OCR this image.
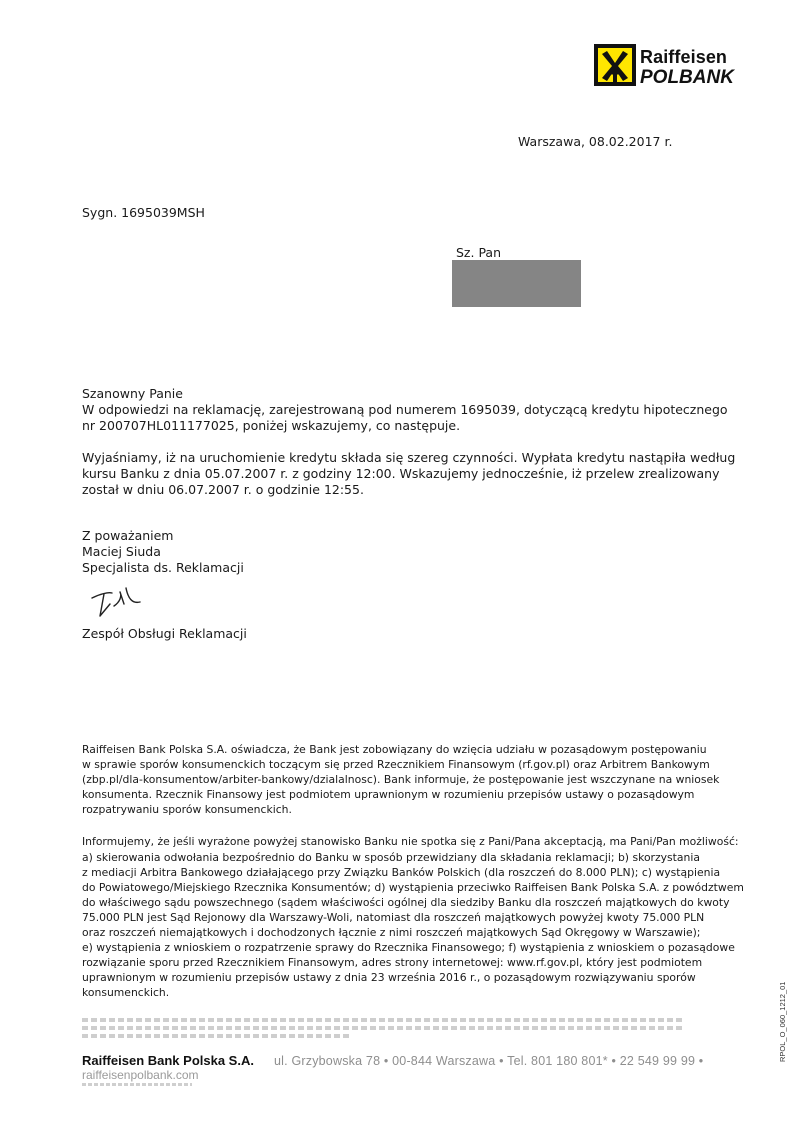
Raiffeisen
POLBANK
Warszawa, 08.02.2017 r.
Sygn. 1695039MSH
Sz. Pan

Szanowny Panie

W odpowiedzi na reklamację, zarejestrowaną pod numerem 1695039, dotyczącą kredytu hipotecznego

nr 200707HL011177025, poniżej wskazujemy, co następuje.

Wyjaśniamy, iż na uruchomienie kredytu składa się szereg czynności. Wypłata kredytu nastąpiła według

kursu Banku z dnia 05.07.2007 r. z godziny 12:00. Wskazujemy jednocześnie, iż przelew zrealizowany

został w dniu 06.07.2007 r. o godzinie 12:55.

Z poważaniem
Maciej Siuda
Specjalista ds. Reklamacji
Zespół Obsługi Reklamacji

Raiffeisen Bank Polska S.A. oświadcza, że Bank jest zobowiązany do wzięcia udziału w pozasądowym postępowaniu

w sprawie sporów konsumenckich toczącym się przed Rzecznikiem Finansowym (rf.gov.pl) oraz Arbitrem Bankowym

(zbp.pl/dla-konsumentow/arbiter-bankowy/dzialalnosc). Bank informuje, że postępowanie jest wszczynane na wniosek

konsumenta. Rzecznik Finansowy jest podmiotem uprawnionym w rozumieniu przepisów ustawy o pozasądowym

rozpatrywaniu sporów konsumenckich.

Informujemy, że jeśli wyrażone powyżej stanowisko Banku nie spotka się z Pani/Pana akceptacją, ma Pani/Pan możliwość:

a) skierowania odwołania bezpośrednio do Banku w sposób przewidziany dla składania reklamacji; b) skorzystania

z mediacji Arbitra Bankowego działającego przy Związku Banków Polskich (dla roszczeń do 8.000 PLN); c) wystąpienia

do Powiatowego/Miejskiego Rzecznika Konsumentów; d) wystąpienia przeciwko Raiffeisen Bank Polska S.A. z powództwem

do właściwego sądu powszechnego (sądem właściwości ogólnej dla siedziby Banku dla roszczeń majątkowych do kwoty

75.000 PLN jest Sąd Rejonowy dla Warszawy-Woli, natomiast dla roszczeń majątkowych powyżej kwoty 75.000 PLN

oraz roszczeń niemajątkowych i dochodzonych łącznie z nimi roszczeń majątkowych Sąd Okręgowy w Warszawie);

e) wystąpienia z wnioskiem o rozpatrzenie sprawy do Rzecznika Finansowego; f) wystąpienia z wnioskiem o pozasądowe

rozwiązanie sporu przed Rzecznikiem Finansowym, adres strony internetowej: www.rf.gov.pl, który jest podmiotem

uprawnionym w rozumieniu przepisów ustawy z dnia 23 września 2016 r., o pozasądowym rozwiązywaniu sporów

konsumenckich.

Raiffeisen Bank Polska S.A. ul. Grzybowska 78 • 00-844 Warszawa • Tel. 801 180 801* • 22 549 99 99 •
raiffeisenpolbank.com
RPOL_O_060_1212_01
